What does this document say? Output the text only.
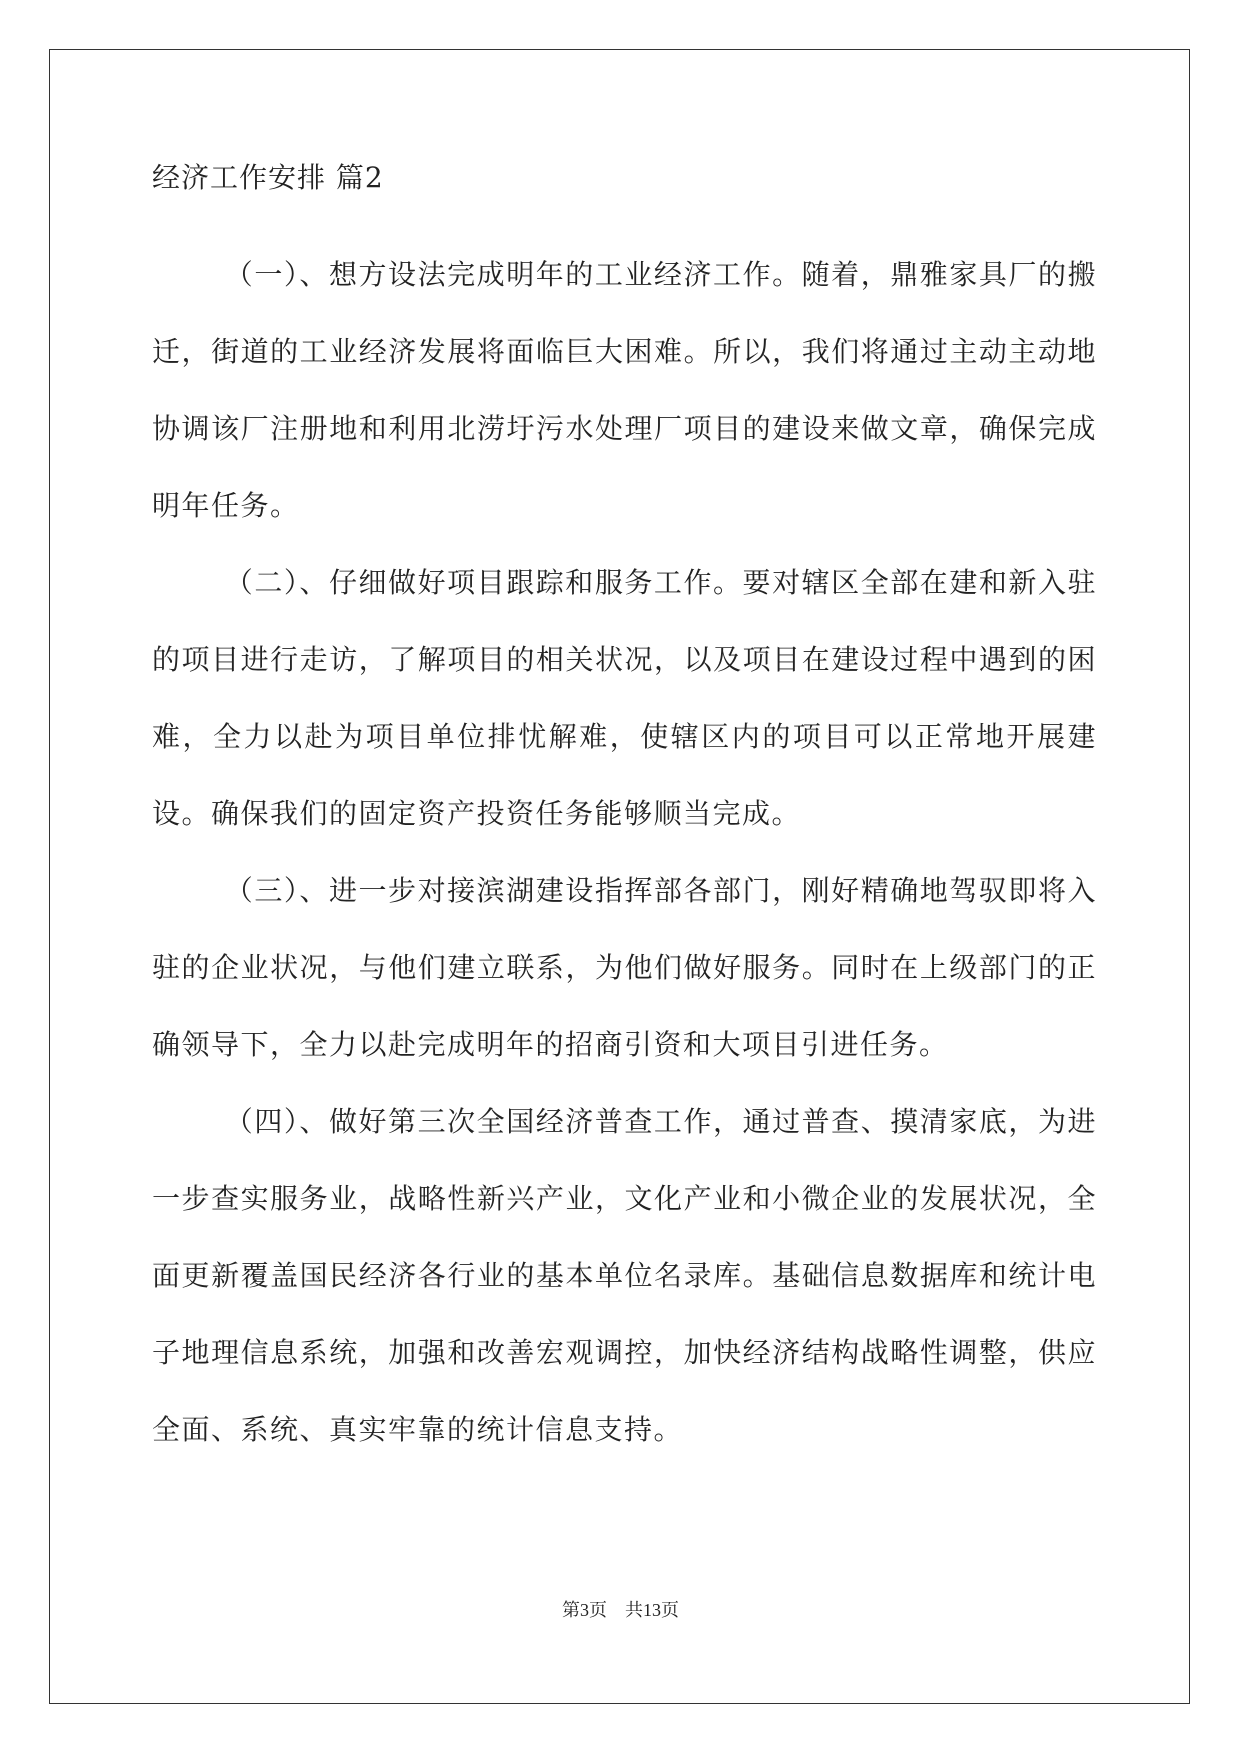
经济工作安排 篇2

（一）、想方设法完成明年的工业经济工作。随着，鼎雅家具厂的搬迁，街道的工业经济发展将面临巨大困难。所以，我们将通过主动主动地协调该厂注册地和利用北涝圩污水处理厂项目的建设来做文章，确保完成明年任务。

（二）、仔细做好项目跟踪和服务工作。要对辖区全部在建和新入驻的项目进行走访，了解项目的相关状况，以及项目在建设过程中遇到的困难，全力以赴为项目单位排忧解难，使辖区内的项目可以正常地开展建设。确保我们的固定资产投资任务能够顺当完成。

（三）、进一步对接滨湖建设指挥部各部门，刚好精确地驾驭即将入驻的企业状况，与他们建立联系，为他们做好服务。同时在上级部门的正确领导下，全力以赴完成明年的招商引资和大项目引进任务。

（四）、做好第三次全国经济普查工作，通过普查、摸清家底，为进一步查实服务业，战略性新兴产业，文化产业和小微企业的发展状况，全面更新覆盖国民经济各行业的基本单位名录库。基础信息数据库和统计电子地理信息系统，加强和改善宏观调控，加快经济结构战略性调整，供应全面、系统、真实牢靠的统计信息支持。

第3页　共13页
